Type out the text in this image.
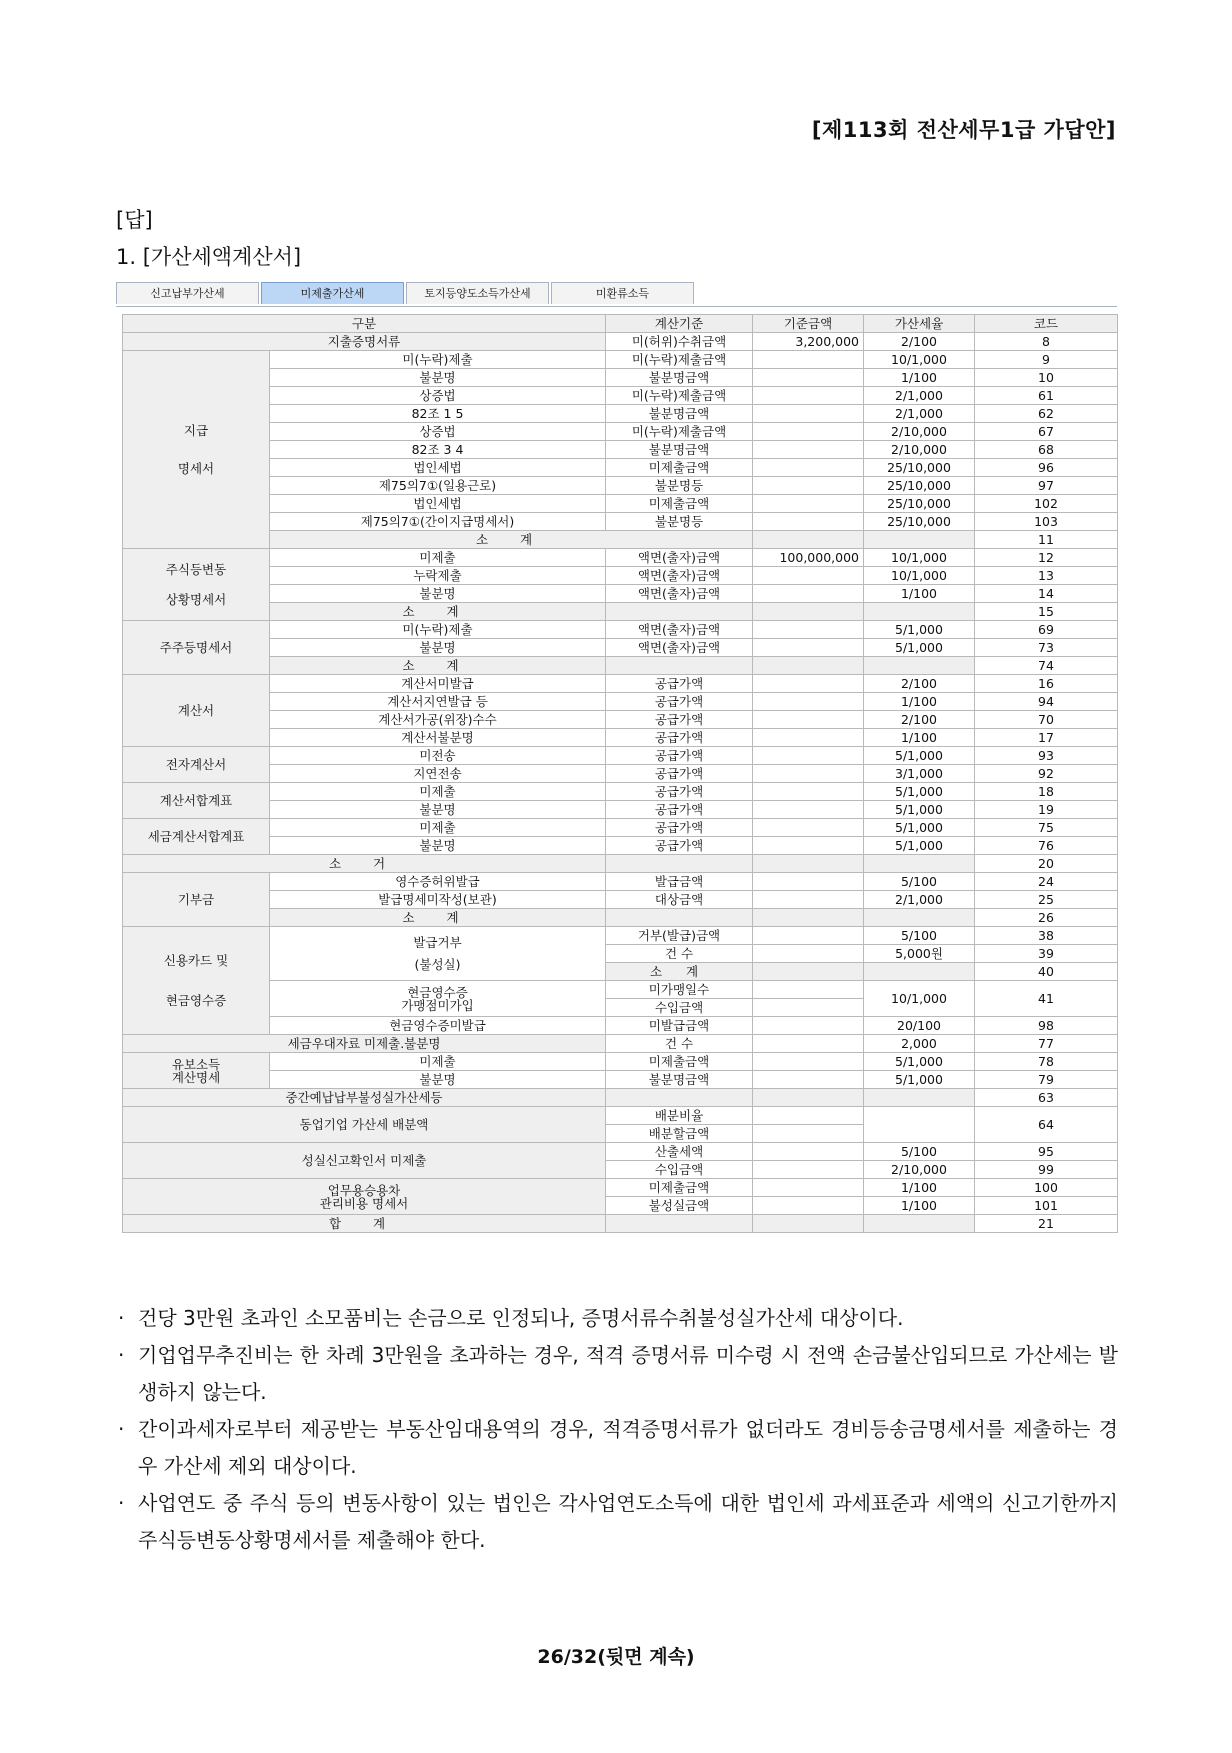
[제113회 전산세무1급 가답안]
[답]
1. [가산세액계산서]
신고납부가산세	미제출가산세	토지등양도소득가산세	미환류소득
구분		계산기준	기준금액	가산세율	코드	
지출증명서류		미(허위)수취금액	3,200,000	2/100	8	
지급
명세서	미(누락)제출	미(누락)제출금액		10/1,000	9	
	불분명	불분명금액		1/100	10	
	상증법	미(누락)제출금액		2/1,000	61	
	82조 1 5	불분명금액		2/1,000	62	
	상증법	미(누락)제출금액		2/10,000	67	
	82조 3 4	불분명금액		2/10,000	68	
	법인세법	미제출금액		25/10,000	96	
	제75의7①(일용근로)	불분명등		25/10,000	97	
	법인세법	미제출금액		25/10,000	102	
	제75의7①(간이지급명세서)	불분명등		25/10,000	103	
	소 계				11	
주식등변동
상황명세서	미제출	액면(출자)금액	100,000,000	10/1,000	12	
	누락제출	액면(출자)금액		10/1,000	13	
	불분명	액면(출자)금액		1/100	14	
	소 계				15	
주주등명세서	미(누락)제출	액면(출자)금액		5/1,000	69	
	불분명	액면(출자)금액		5/1,000	73	
	소 계				74	
계산서	계산서미발급	공급가액		2/100	16	
	계산서지연발급 등	공급가액		1/100	94	
	계산서가공(위장)수수	공급가액		2/100	70	
	계산서불분명	공급가액		1/100	17	
전자계산서	미전송	공급가액		5/1,000	93	
	지연전송	공급가액		3/1,000	92	
계산서합계표	미제출	공급가액		5/1,000	18	
	불분명	공급가액		5/1,000	19	
세금계산서합계표	미제출	공급가액		5/1,000	75	
	불분명	공급가액		5/1,000	76	
소 거					20	
기부금	영수증허위발급	발급금액		5/100	24	
	발급명세미작성(보관)	대상금액		2/1,000	25	
	소 계				26	
신용카드 및
현금영수증	발급거부
(불성실)	거부(발급)금액		5/100	38	
		건 수		5,000원	39	
		소 계			40	
	현금영수증
가맹점미가입	미가맹일수		10/1,000	41	
		수입금액				
	현금영수증미발급	미발급금액		20/100	98	
세금우대자료 미제출.불분명		건 수		2,000	77	
유보소득
계산명세	미제출	미제출금액		5/1,000	78	
	불분명	불분명금액		5/1,000	79	
중간예납납부불성실가산세등					63	
동업기업 가산세 배분액		배분비율			64	
		배분할금액				
성실신고확인서 미제출		산출세액		5/100	95	
		수입금액		2/10,000	99	
업무용승용차
관리비용 명세서		미제출금액		1/100	100	
		불성실금액		1/100	101	
합 계					21	
· 건당 3만원 초과인 소모품비는 손금으로 인정되나, 증명서류수취불성실가산세 대상이다.
· 기업업무추진비는 한 차례 3만원을 초과하는 경우, 적격 증명서류 미수령 시 전액 손금불산입되므로 가산세는 발생하지 않는다.
· 간이과세자로부터 제공받는 부동산임대용역의 경우, 적격증명서류가 없더라도 경비등송금명세서를 제출하는 경우 가산세 제외 대상이다.
· 사업연도 중 주식 등의 변동사항이 있는 법인은 각사업연도소득에 대한 법인세 과세표준과 세액의 신고기한까지 주식등변동상황명세서를 제출해야 한다.
26/32(뒷면 계속)
